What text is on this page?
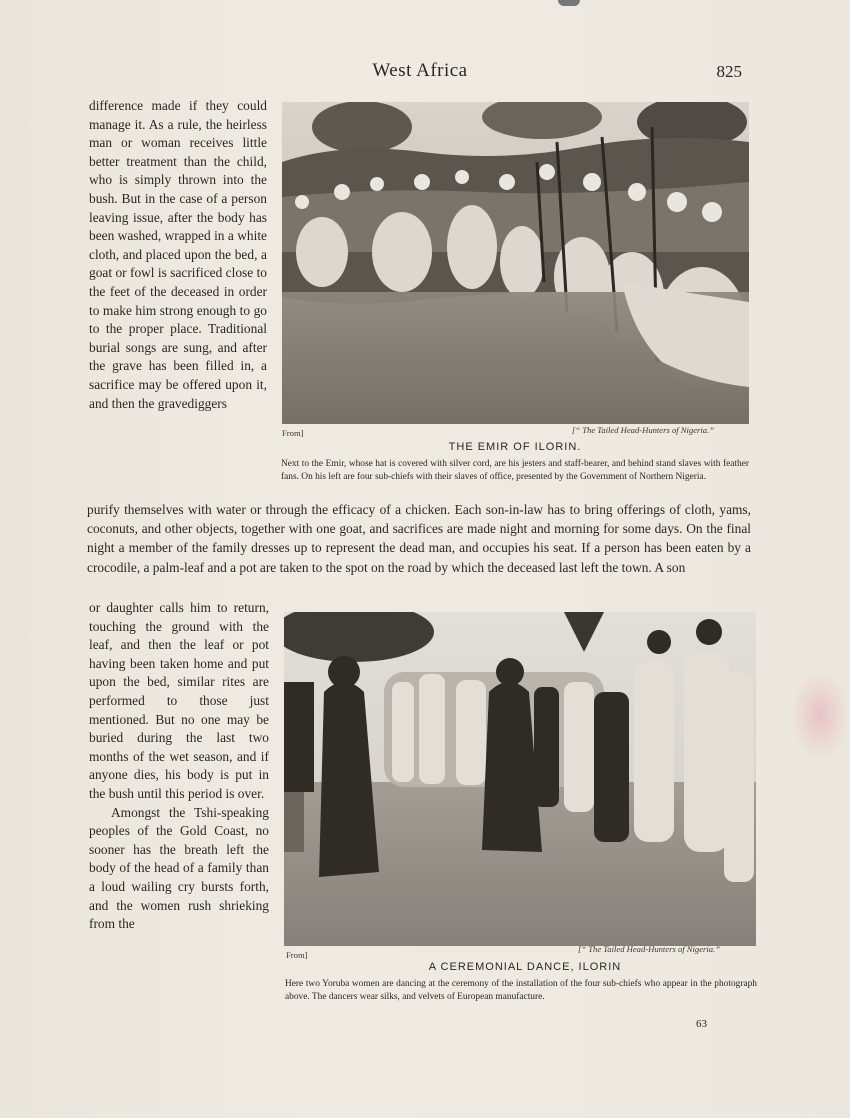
West Africa	825

difference made if they could manage it. As a rule, the heirless man or woman receives little better treatment than the child, who is simply thrown into the bush. But in the case of a person leaving issue, after the body has been washed, wrapped in a white cloth, and placed upon the bed, a goat or fowl is sacrificed close to the feet of the deceased in order to make him strong enough to go to the proper place. Traditional burial songs are sung, and after the grave has been filled in, a sacrifice may be offered upon it, and then the gravediggers

From]	[“ The Tailed Head-Hunters of Nigeria.”
THE EMIR OF ILORIN.
Next to the Emir, whose hat is covered with silver cord, are his jesters and staff-bearer, and behind stand slaves with feather fans. On his left are four sub-chiefs with their slaves of office, presented by the Government of Northern Nigeria.

purify themselves with water or through the efficacy of a chicken. Each son-in-law has to bring offerings of cloth, yams, coconuts, and other objects, together with one goat, and sacrifices are made night and morning for some days. On the final night a member of the family dresses up to represent the dead man, and occupies his seat. If a person has been eaten by a crocodile, a palm-leaf and a pot are taken to the spot on the road by which the deceased last left the town. A son

or daughter calls him to return, touching the ground with the leaf, and then the leaf or pot having been taken home and put upon the bed, similar rites are performed to those just mentioned. But no one may be buried during the last two months of the wet season, and if anyone dies, his body is put in the bush until this period is over.

Amongst the Tshi-speaking peoples of the Gold Coast, no sooner has the breath left the body of the head of a family than a loud wailing cry bursts forth, and the women rush shrieking from the

From]
[“ The Tailed Head-Hunters of Nigeria.”
A CEREMONIAL DANCE, ILORIN
Here two Yoruba women are dancing at the ceremony of the installation of the four sub-chiefs who appear in the photograph above. The dancers wear silks, and velvets of European manufacture.
63
